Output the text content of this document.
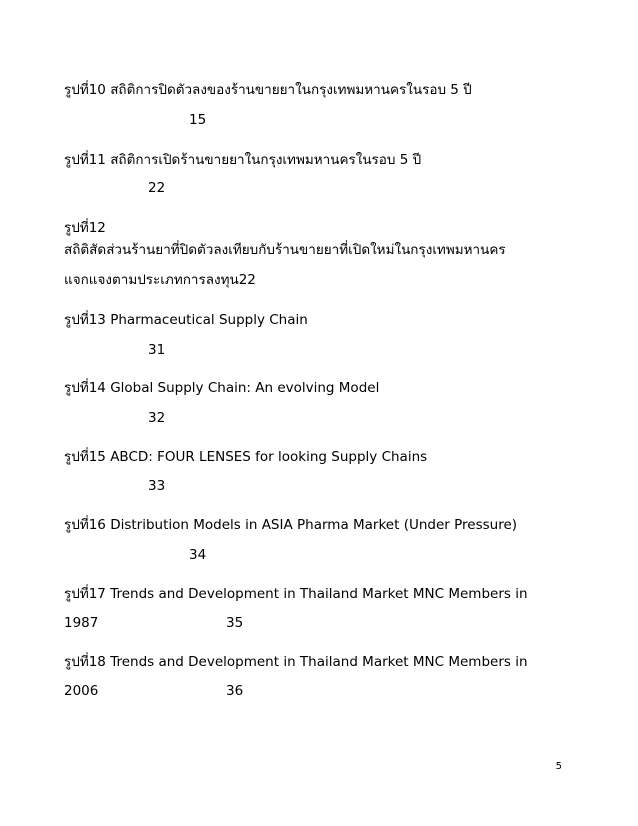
รูปที่10 สถิติการปิดตัวลงของร้านขายยาในกรุงเทพมหานครในรอบ 5 ปี
15
รูปที่11 สถิติการเปิดร้านขายยาในกรุงเทพมหานครในรอบ 5 ปี
22
รูปที่12
สถิติสัดส่วนร้านยาที่ปิดตัวลงเทียบกับร้านขายยาที่เปิดใหม่ในกรุงเทพมหานคร
แจกแจงตามประเภทการลงทุน22
รูปที่13 Pharmaceutical Supply Chain
31
รูปที่14 Global Supply Chain: An evolving Model
32
รูปที่15 ABCD: FOUR LENSES for looking Supply Chains
33
รูปที่16 Distribution Models in ASIA Pharma Market (Under Pressure)
34
รูปที่17 Trends and Development in Thailand Market MNC Members in
1987	35
รูปที่18 Trends and Development in Thailand Market MNC Members in
2006	36
5
